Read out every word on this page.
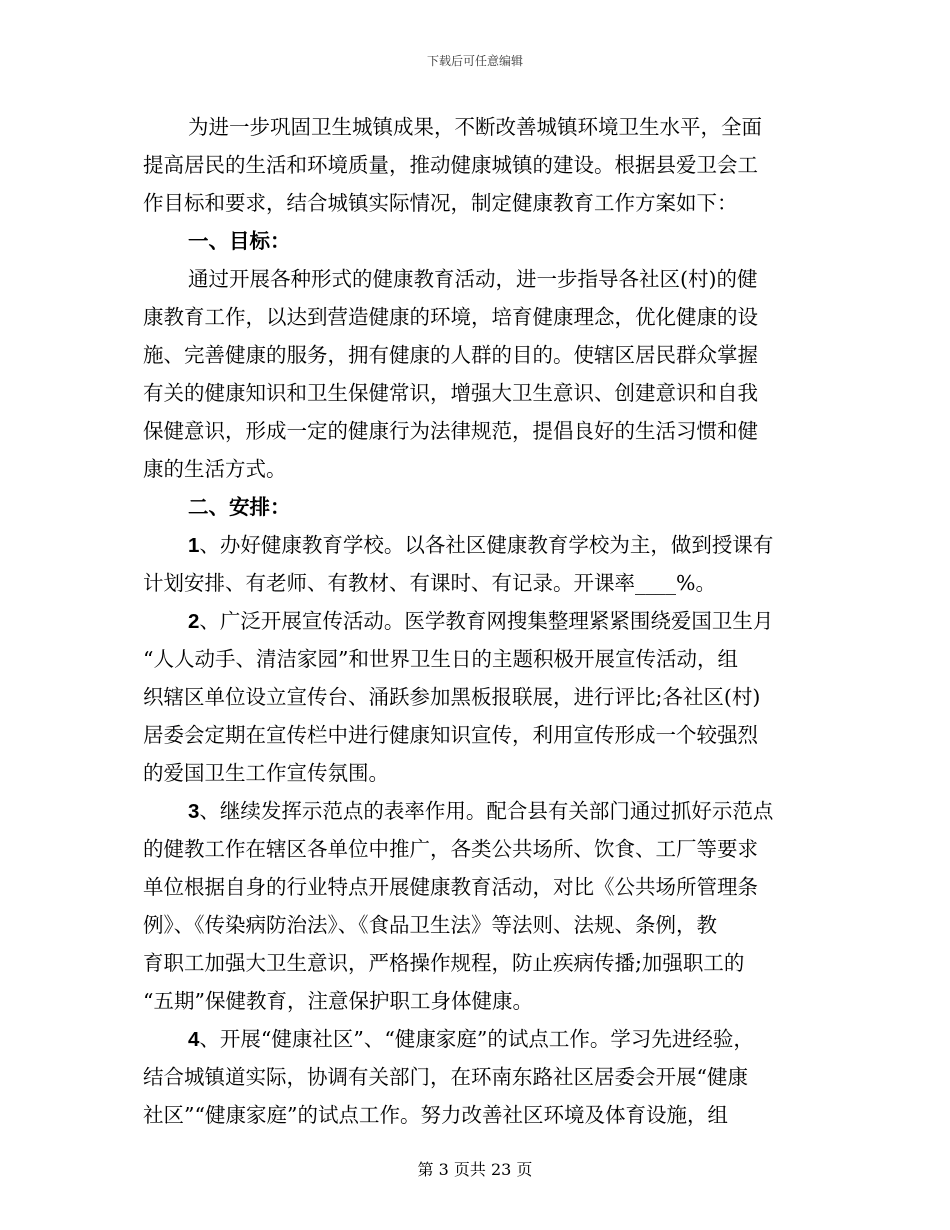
下载后可任意编辑

为进一步巩固卫生城镇成果，不断改善城镇环境卫生水平，全面

提高居民的生活和环境质量，推动健康城镇的建设。根据县爱卫会工

作目标和要求，结合城镇实际情况，制定健康教育工作方案如下：

一、目标：

通过开展各种形式的健康教育活动，进一步指导各社区(村)的健

康教育工作，以达到营造健康的环境，培育健康理念，优化健康的设

施、完善健康的服务，拥有健康的人群的目的。使辖区居民群众掌握

有关的健康知识和卫生保健常识，增强大卫生意识、创建意识和自我

保健意识，形成一定的健康行为法律规范，提倡良好的生活习惯和健

康的生活方式。

二、安排：

1、办好健康教育学校。以各社区健康教育学校为主，做到授课有

计划安排、有老师、有教材、有课时、有记录。开课率____%。

2、广泛开展宣传活动。医学教育网搜集整理紧紧围绕爱国卫生月

“人人动手、清洁家园”和世界卫生日的主题积极开展宣传活动，组

织辖区单位设立宣传台、涌跃参加黑板报联展，进行评比;各社区(村)

居委会定期在宣传栏中进行健康知识宣传，利用宣传形成一个较强烈

的爱国卫生工作宣传氛围。

3、继续发挥示范点的表率作用。配合县有关部门通过抓好示范点

的健教工作在辖区各单位中推广，各类公共场所、饮食、工厂等要求

单位根据自身的行业特点开展健康教育活动，对比《公共场所管理条

例》、《传染病防治法》、《食品卫生法》等法则、法规、条例，教

育职工加强大卫生意识，严格操作规程，防止疾病传播;加强职工的

“五期”保健教育，注意保护职工身体健康。

4、开展“健康社区”、“健康家庭”的试点工作。学习先进经验，

结合城镇道实际，协调有关部门，在环南东路社区居委会开展“健康

社区”“健康家庭”的试点工作。努力改善社区环境及体育设施，组

第 3 页共 23 页
